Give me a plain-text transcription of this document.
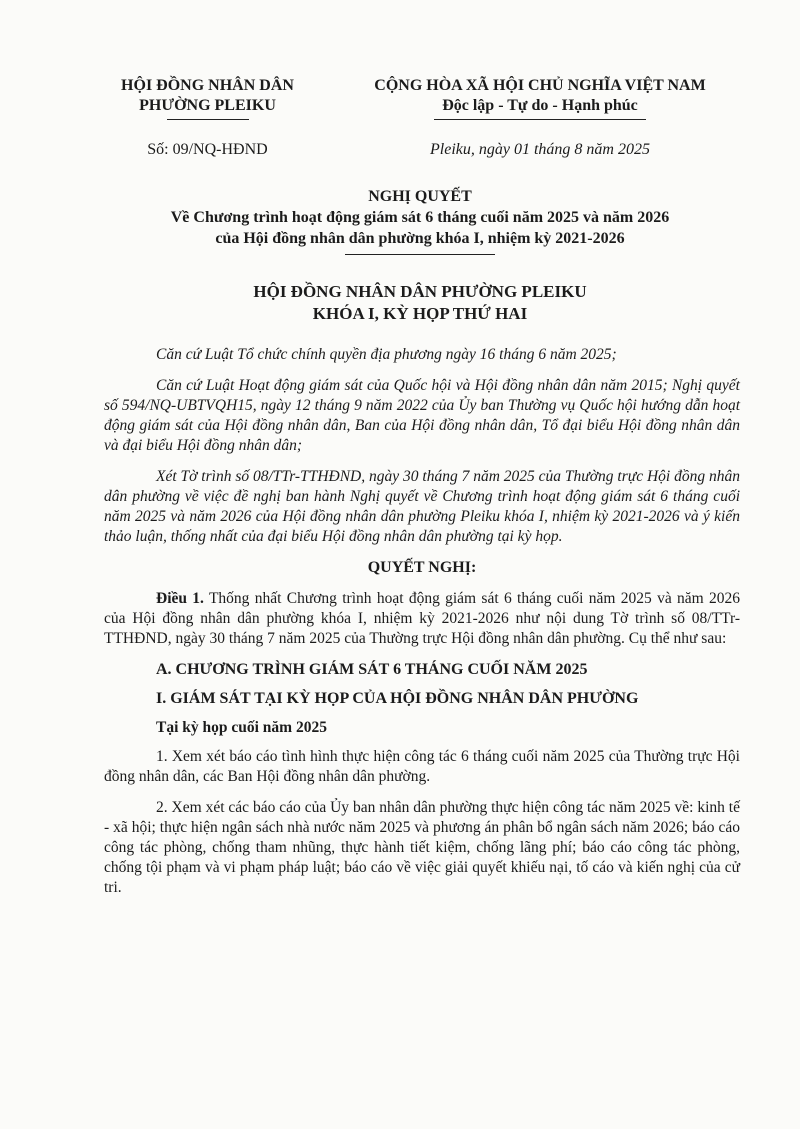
HỘI ĐỒNG NHÂN DÂN
PHƯỜNG PLEIKU
Số: 09/NQ-HĐND
CỘNG HÒA XÃ HỘI CHỦ NGHĨA VIỆT NAM
Độc lập - Tự do - Hạnh phúc
Pleiku, ngày 01 tháng 8 năm 2025
NGHỊ QUYẾT
Về Chương trình hoạt động giám sát 6 tháng cuối năm 2025 và năm 2026
của Hội đồng nhân dân phường khóa I, nhiệm kỳ 2021-2026
HỘI ĐỒNG NHÂN DÂN PHƯỜNG PLEIKU
KHÓA I, KỲ HỌP THỨ HAI

Căn cứ Luật Tổ chức chính quyền địa phương ngày 16 tháng 6 năm 2025;

Căn cứ Luật Hoạt động giám sát của Quốc hội và Hội đồng nhân dân năm 2015; Nghị quyết số 594/NQ-UBTVQH15, ngày 12 tháng 9 năm 2022 của Ủy ban Thường vụ Quốc hội hướng dẫn hoạt động giám sát của Hội đồng nhân dân, Ban của Hội đồng nhân dân, Tổ đại biểu Hội đồng nhân dân và đại biểu Hội đồng nhân dân;

Xét Tờ trình số 08/TTr-TTHĐND, ngày 30 tháng 7 năm 2025 của Thường trực Hội đồng nhân dân phường về việc đề nghị ban hành Nghị quyết về Chương trình hoạt động giám sát 6 tháng cuối năm 2025 và năm 2026 của Hội đồng nhân dân phường Pleiku khóa I, nhiệm kỳ 2021-2026 và ý kiến thảo luận, thống nhất của đại biểu Hội đồng nhân dân phường tại kỳ họp.

QUYẾT NGHỊ:

Điều 1. Thống nhất Chương trình hoạt động giám sát 6 tháng cuối năm 2025 và năm 2026 của Hội đồng nhân dân phường khóa I, nhiệm kỳ 2021-2026 như nội dung Tờ trình số 08/TTr-TTHĐND, ngày 30 tháng 7 năm 2025 của Thường trực Hội đồng nhân dân phường. Cụ thể như sau:

A. CHƯƠNG TRÌNH GIÁM SÁT 6 THÁNG CUỐI NĂM 2025

I. GIÁM SÁT TẠI KỲ HỌP CỦA HỘI ĐỒNG NHÂN DÂN PHƯỜNG

Tại kỳ họp cuối năm 2025

1. Xem xét báo cáo tình hình thực hiện công tác 6 tháng cuối năm 2025 của Thường trực Hội đồng nhân dân, các Ban Hội đồng nhân dân phường.

2. Xem xét các báo cáo của Ủy ban nhân dân phường thực hiện công tác năm 2025 về: kinh tế - xã hội; thực hiện ngân sách nhà nước năm 2025 và phương án phân bổ ngân sách năm 2026; báo cáo công tác phòng, chống tham nhũng, thực hành tiết kiệm, chống lãng phí; báo cáo công tác phòng, chống tội phạm và vi phạm pháp luật; báo cáo về việc giải quyết khiếu nại, tố cáo và kiến nghị của cử tri.
